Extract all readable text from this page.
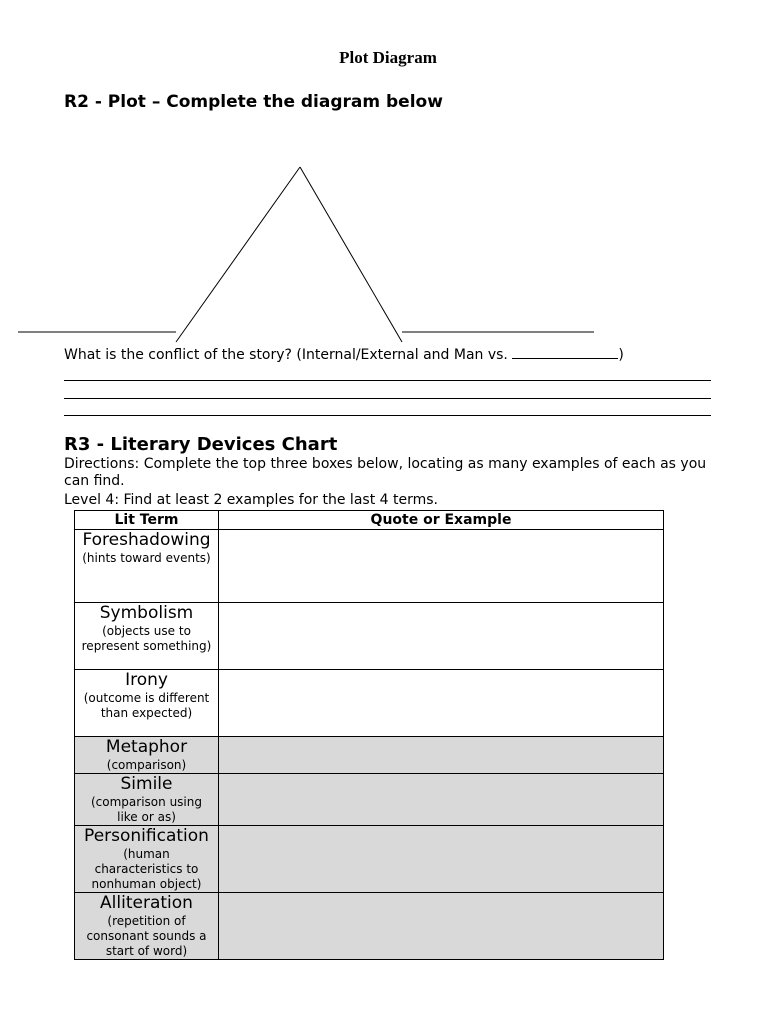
Plot Diagram
R2 - Plot – Complete the diagram below
What is the conflict of the story? (Internal/External and Man vs.	)
R3 - Literary Devices Chart
Directions: Complete the top three boxes below, locating as many examples of each as you can find.
Level 4: Find at least 2 examples for the last 4 terms.
Lit Term	Quote or Example

Foreshadowing
(hints toward events)	

Symbolism
(objects use to represent something)	

Irony
(outcome is different than expected)	

Metaphor
(comparison)	

Simile
(comparison using like or as)	

Personification
(human characteristics to nonhuman object)	

Alliteration
(repetition of consonant sounds a start of word)	
